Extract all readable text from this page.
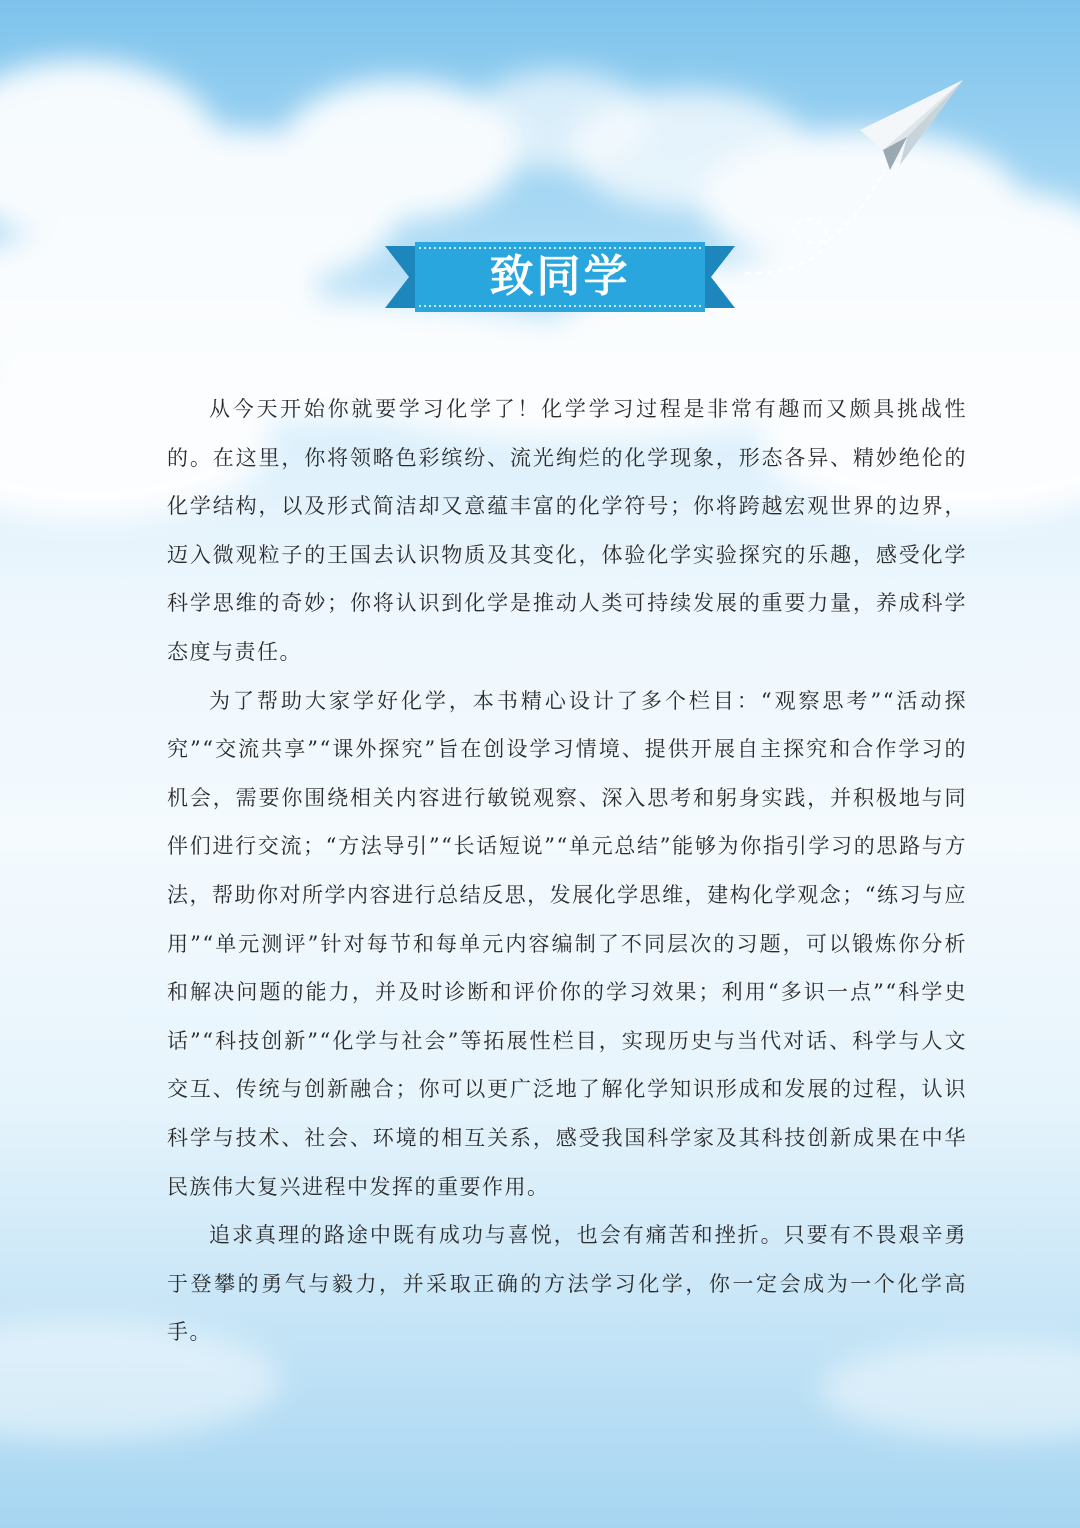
致同学

从今天开始你就要学习化学了！化学学习过程是非常有趣而又颇具挑战性的。在这里，你将领略色彩缤纷、流光绚烂的化学现象，形态各异、精妙绝伦的化学结构，以及形式简洁却又意蕴丰富的化学符号；你将跨越宏观世界的边界，迈入微观粒子的王国去认识物质及其变化，体验化学实验探究的乐趣，感受化学科学思维的奇妙；你将认识到化学是推动人类可持续发展的重要力量，养成科学态度与责任。

为了帮助大家学好化学，本书精心设计了多个栏目：“观察思考”“活动探究”“交流共享”“课外探究”旨在创设学习情境、提供开展自主探究和合作学习的机会，需要你围绕相关内容进行敏锐观察、深入思考和躬身实践，并积极地与同伴们进行交流；“方法导引”“长话短说”“单元总结”能够为你指引学习的思路与方法，帮助你对所学内容进行总结反思，发展化学思维，建构化学观念；“练习与应用”“单元测评”针对每节和每单元内容编制了不同层次的习题，可以锻炼你分析和解决问题的能力，并及时诊断和评价你的学习效果；利用“多识一点”“科学史话”“科技创新”“化学与社会”等拓展性栏目，实现历史与当代对话、科学与人文交互、传统与创新融合；你可以更广泛地了解化学知识形成和发展的过程，认识科学与技术、社会、环境的相互关系，感受我国科学家及其科技创新成果在中华民族伟大复兴进程中发挥的重要作用。

追求真理的路途中既有成功与喜悦，也会有痛苦和挫折。只要有不畏艰辛勇于登攀的勇气与毅力，并采取正确的方法学习化学，你一定会成为一个化学高手。
